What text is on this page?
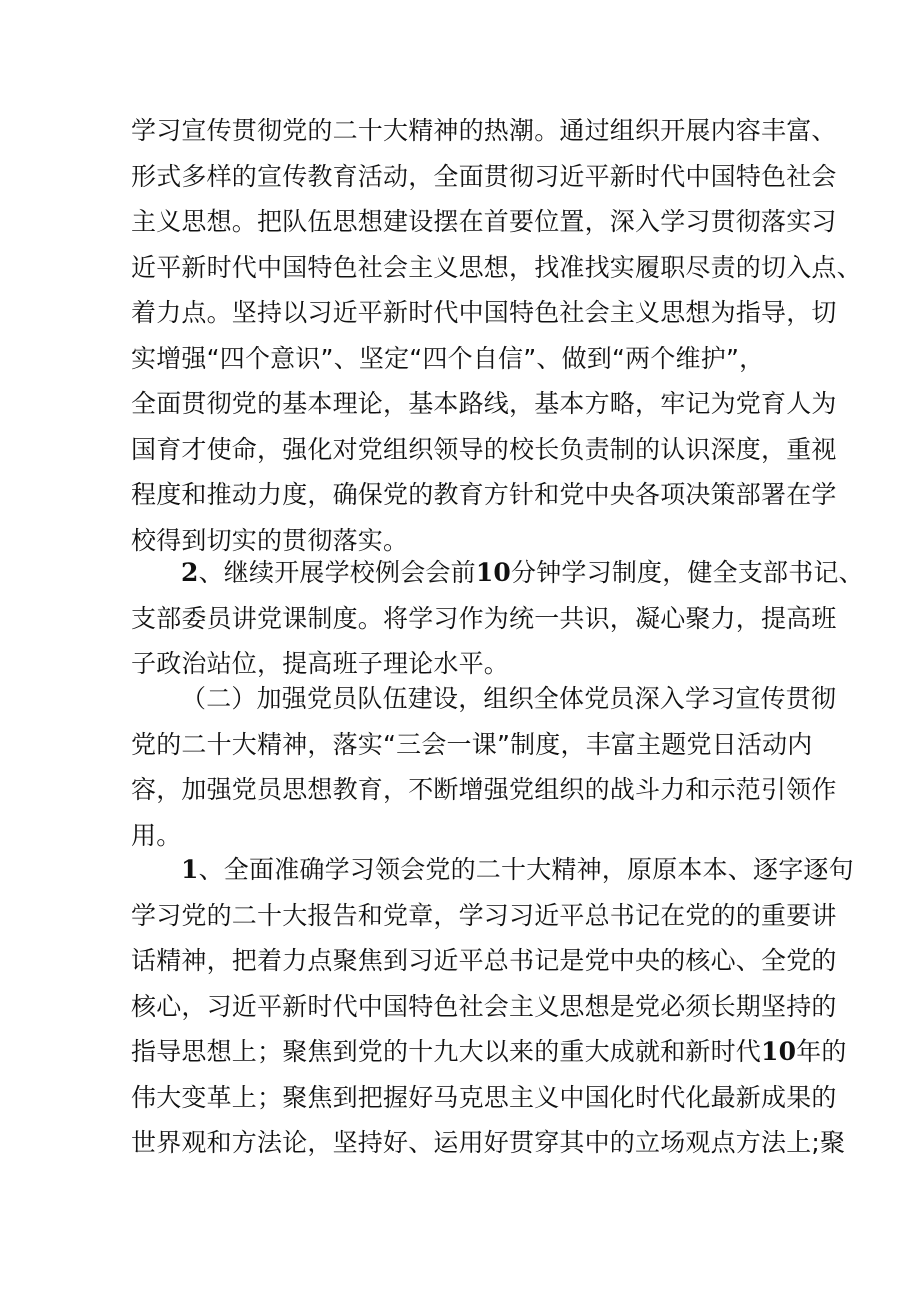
学习宣传贯彻党的二十大精神的热潮。通过组织开展内容丰富、
形式多样的宣传教育活动，全面贯彻习近平新时代中国特色社会
主义思想。把队伍思想建设摆在首要位置，深入学习贯彻落实习
近平新时代中国特色社会主义思想，找准找实履职尽责的切入点、
着力点。坚持以习近平新时代中国特色社会主义思想为指导，切
实增强“四个意识”、坚定“四个自信”、做到“两个维护”，
全面贯彻党的基本理论，基本路线，基本方略，牢记为党育人为
国育才使命，强化对党组织领导的校长负责制的认识深度，重视
程度和推动力度，确保党的教育方针和党中央各项决策部署在学
校得到切实的贯彻落实。
2、继续开展学校例会会前10分钟学习制度，健全支部书记、
支部委员讲党课制度。将学习作为统一共识，凝心聚力，提高班
子政治站位，提高班子理论水平。
（二）加强党员队伍建设，组织全体党员深入学习宣传贯彻
党的二十大精神，落实“三会一课”制度，丰富主题党日活动内
容，加强党员思想教育，不断增强党组织的战斗力和示范引领作
用。
1、全面准确学习领会党的二十大精神，原原本本、逐字逐句
学习党的二十大报告和党章，学习习近平总书记在党的的重要讲
话精神，把着力点聚焦到习近平总书记是党中央的核心、全党的
核心，习近平新时代中国特色社会主义思想是党必须长期坚持的
指导思想上；聚焦到党的十九大以来的重大成就和新时代10年的
伟大变革上；聚焦到把握好马克思主义中国化时代化最新成果的
世界观和方法论，坚持好、运用好贯穿其中的立场观点方法上;聚
